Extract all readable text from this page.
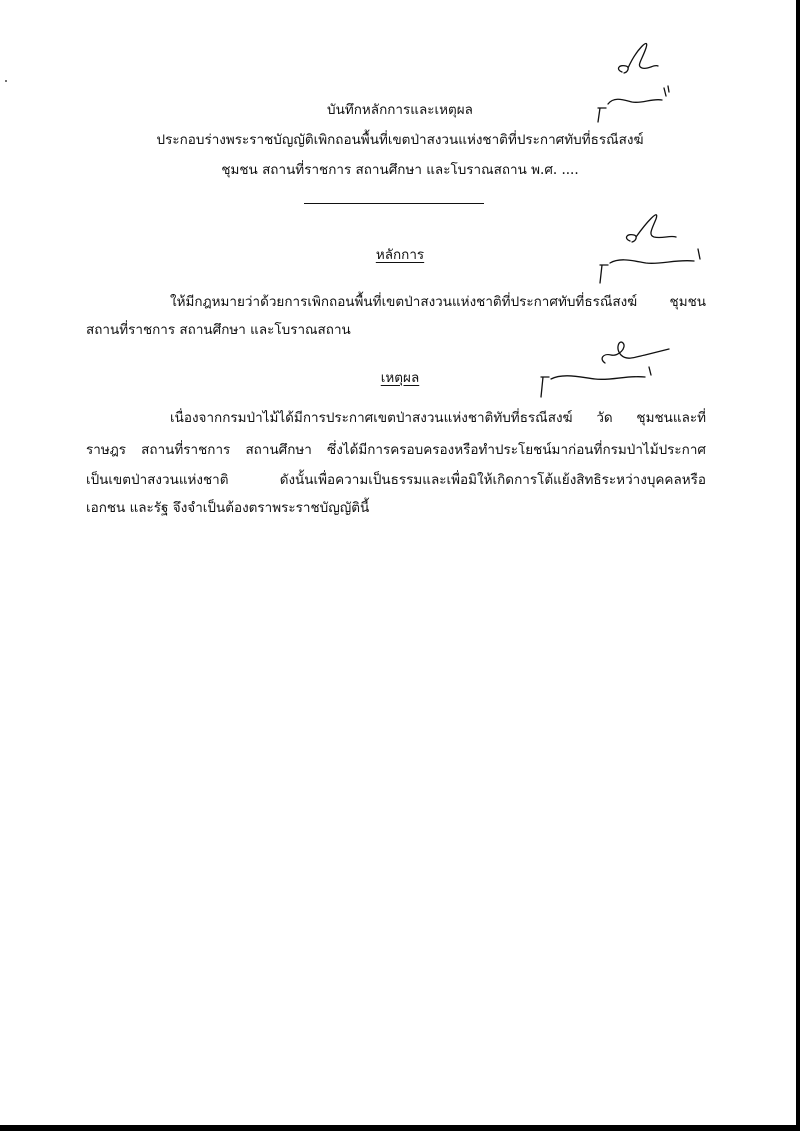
บันทึกหลักการและเหตุผล
ประกอบร่างพระราชบัญญัติเพิกถอนพื้นที่เขตป่าสงวนแห่งชาติที่ประกาศทับที่ธรณีสงฆ์
ชุมชน สถานที่ราชการ สถานศึกษา และโบราณสถาน พ.ศ. ....
หลักการ
ให้มีกฎหมายว่าด้วยการเพิกถอนพื้นที่เขตป่าสงวนแห่งชาติที่ประกาศทับที่ธรณีสงฆ์ ชุมชน
สถานที่ราชการ สถานศึกษา และโบราณสถาน
เหตุผล
เนื่องจากกรมป่าไม้ได้มีการประกาศเขตป่าสงวนแห่งชาติทับที่ธรณีสงฆ์ วัด ชุมชนและที่
ราษฎร สถานที่ราชการ สถานศึกษา ซึ่งได้มีการครอบครองหรือทำประโยชน์มาก่อนที่กรมป่าไม้ประกาศ
เป็นเขตป่าสงวนแห่งชาติ ดังนั้นเพื่อความเป็นธรรมและเพื่อมิให้เกิดการโต้แย้งสิทธิระหว่างบุคคลหรือ
เอกชน และรัฐ จึงจำเป็นต้องตราพระราชบัญญัตินี้
